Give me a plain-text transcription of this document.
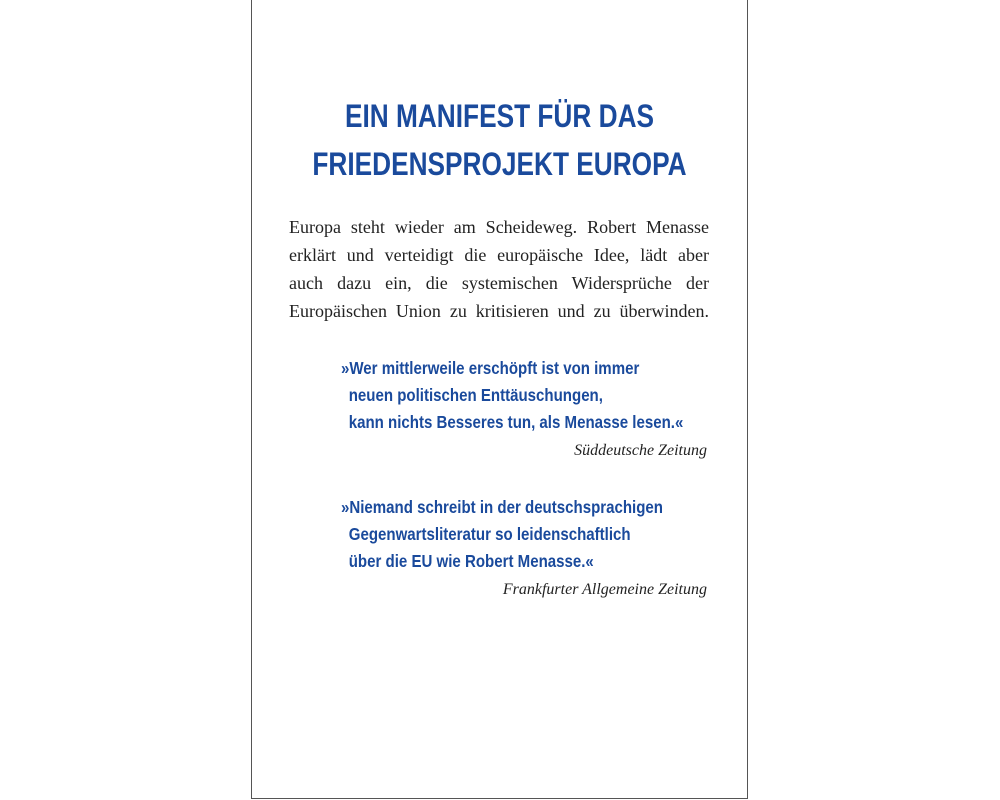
EIN MANIFEST FÜR DAS
FRIEDENSPROJEKT EUROPA
Europa steht wieder am Scheideweg. Robert Menasse
erklärt und verteidigt die europäische Idee, lädt aber
auch dazu ein, die systemischen Widersprüche der
Europäischen Union zu kritisieren und zu überwinden.
»Wer mittlerweile erschöpft ist von immer
neuen politischen Enttäuschungen,
kann nichts Besseres tun, als Menasse lesen.«
Süddeutsche Zeitung
»Niemand schreibt in der deutschsprachigen
Gegenwartsliteratur so leidenschaftlich
über die EU wie Robert Menasse.«
Frankfurter Allgemeine Zeitung
